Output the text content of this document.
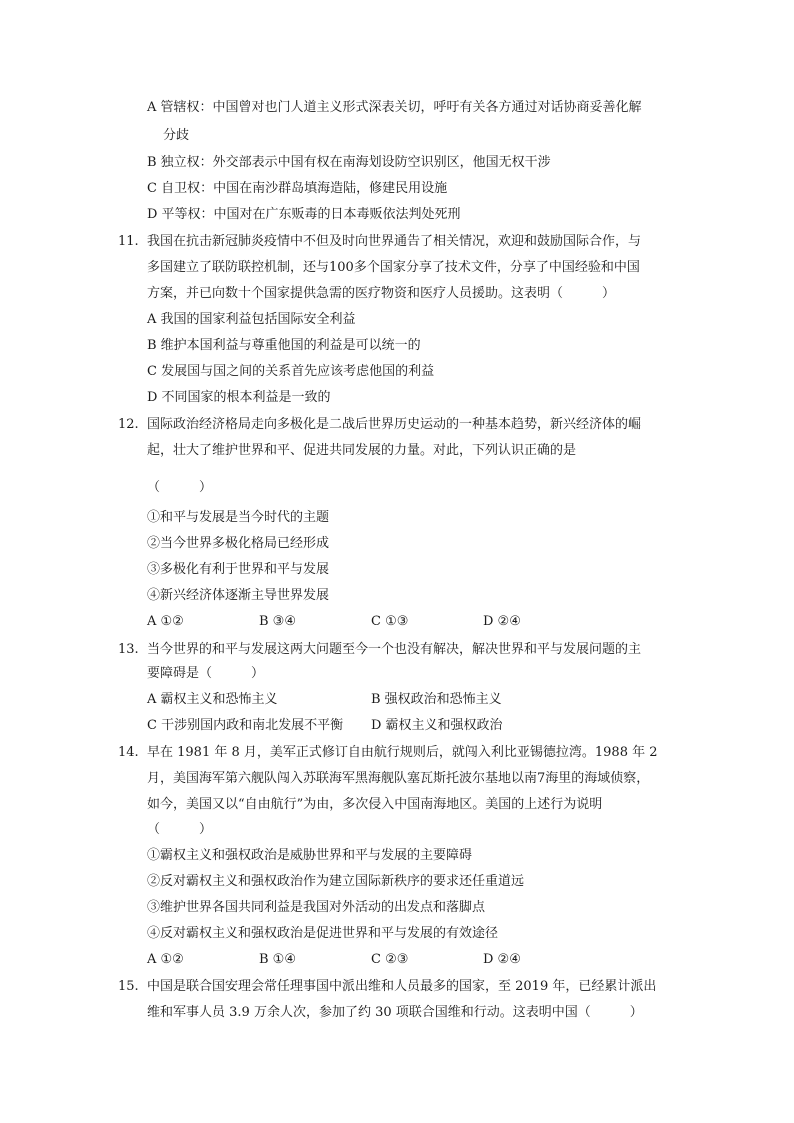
A 管辖权：中国曾对也门人道主义形式深表关切，呼吁有关各方通过对话协商妥善化解
分歧
B 独立权：外交部表示中国有权在南海划设防空识别区，他国无权干涉
C 自卫权：中国在南沙群岛填海造陆，修建民用设施
D 平等权：中国对在广东贩毒的日本毒贩依法判处死刑
11. 我国在抗击新冠肺炎疫情中不但及时向世界通告了相关情况，欢迎和鼓励国际合作，与
多国建立了联防联控机制，还与100多个国家分享了技术文件，分享了中国经验和中国
方案，并已向数十个国家提供急需的医疗物资和医疗人员援助。这表明（　　　）
A 我国的国家利益包括国际安全利益
B 维护本国利益与尊重他国的利益是可以统一的
C 发展国与国之间的关系首先应该考虑他国的利益
D 不同国家的根本利益是一致的
12. 国际政治经济格局走向多极化是二战后世界历史运动的一种基本趋势，新兴经济体的崛
起，壮大了维护世界和平、促进共同发展的力量。对此，下列认识正确的是
（　　　）
①和平与发展是当今时代的主题
②当今世界多极化格局已经形成
③多极化有利于世界和平与发展
④新兴经济体逐渐主导世界发展
A ①②	B ③④	C ①③	D ②④
13. 当今世界的和平与发展这两大问题至今一个也没有解决，解决世界和平与发展问题的主
要障碍是（　　　）
A 霸权主义和恐怖主义	B 强权政治和恐怖主义
C 干涉别国内政和南北发展不平衡 D 霸权主义和强权政治
14. 早在 1981 年 8 月，美军正式修订自由航行规则后，就闯入利比亚锡德拉湾。1988 年 2
月，美国海军第六舰队闯入苏联海军黑海舰队塞瓦斯托波尔基地以南7海里的海域侦察，
如今，美国又以“自由航行”为由，多次侵入中国南海地区。美国的上述行为说明
（　　　）
①霸权主义和强权政治是威胁世界和平与发展的主要障碍
②反对霸权主义和强权政治作为建立国际新秩序的要求还任重道远
③维护世界各国共同利益是我国对外活动的出发点和落脚点
④反对霸权主义和强权政治是促进世界和平与发展的有效途径
A ①②	B ①④	C ②③	D ②④
15. 中国是联合国安理会常任理事国中派出维和人员最多的国家，至 2019 年，已经累计派出
维和军事人员 3.9 万余人次，参加了约 30 项联合国维和行动。这表明中国（　　　）
